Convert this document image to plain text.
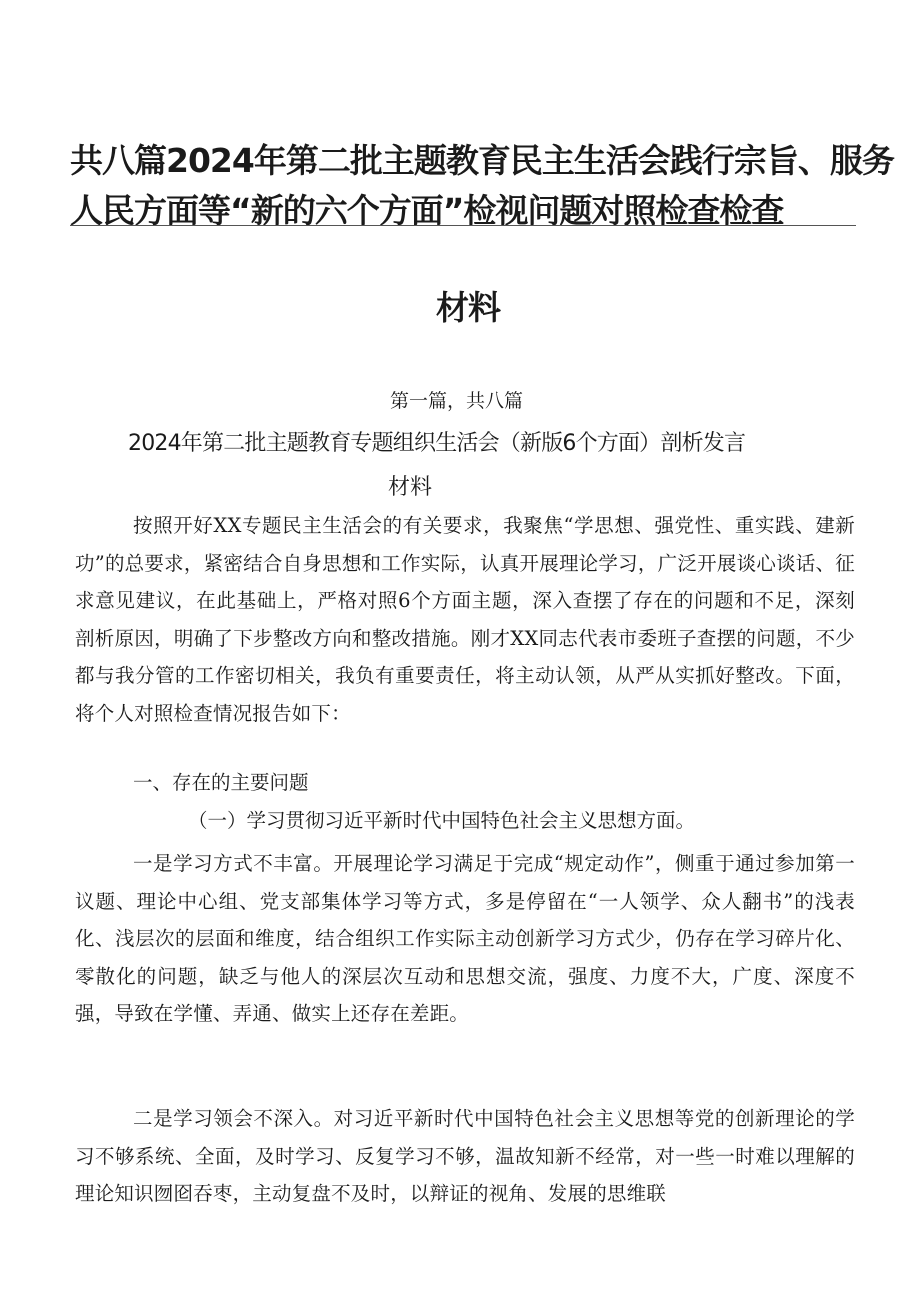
共八篇2024年第二批主题教育民主生活会践行宗旨、服务
人民方面等“新的六个方面”检视问题对照检查检查
材料
第一篇，共八篇
2024年第二批主题教育专题组织生活会（新版6个方面）剖析发言
材料
按照开好XX专题民主生活会的有关要求，我聚焦“学思想、强党性、重实践、建新功”的总要求，紧密结合自身思想和工作实际，认真开展理论学习，广泛开展谈心谈话、征求意见建议，在此基础上，严格对照6个方面主题，深入查摆了存在的问题和不足，深刻剖析原因，明确了下步整改方向和整改措施。刚才XX同志代表市委班子查摆的问题，不少都与我分管的工作密切相关，我负有重要责任，将主动认领，从严从实抓好整改。下面，将个人对照检查情况报告如下：
一、存在的主要问题
（一）学习贯彻习近平新时代中国特色社会主义思想方面。
一是学习方式不丰富。开展理论学习满足于完成“规定动作”，侧重于通过参加第一议题、理论中心组、党支部集体学习等方式，多是停留在“一人领学、众人翻书”的浅表化、浅层次的层面和维度，结合组织工作实际主动创新学习方式少，仍存在学习碎片化、零散化的问题，缺乏与他人的深层次互动和思想交流，强度、力度不大，广度、深度不强，导致在学懂、弄通、做实上还存在差距。
二是学习领会不深入。对习近平新时代中国特色社会主义思想等党的创新理论的学习不够系统、全面，及时学习、反复学习不够，温故知新不经常，对一些一时难以理解的理论知识囫囵吞枣，主动复盘不及时，以辩证的视角、发展的思维联
